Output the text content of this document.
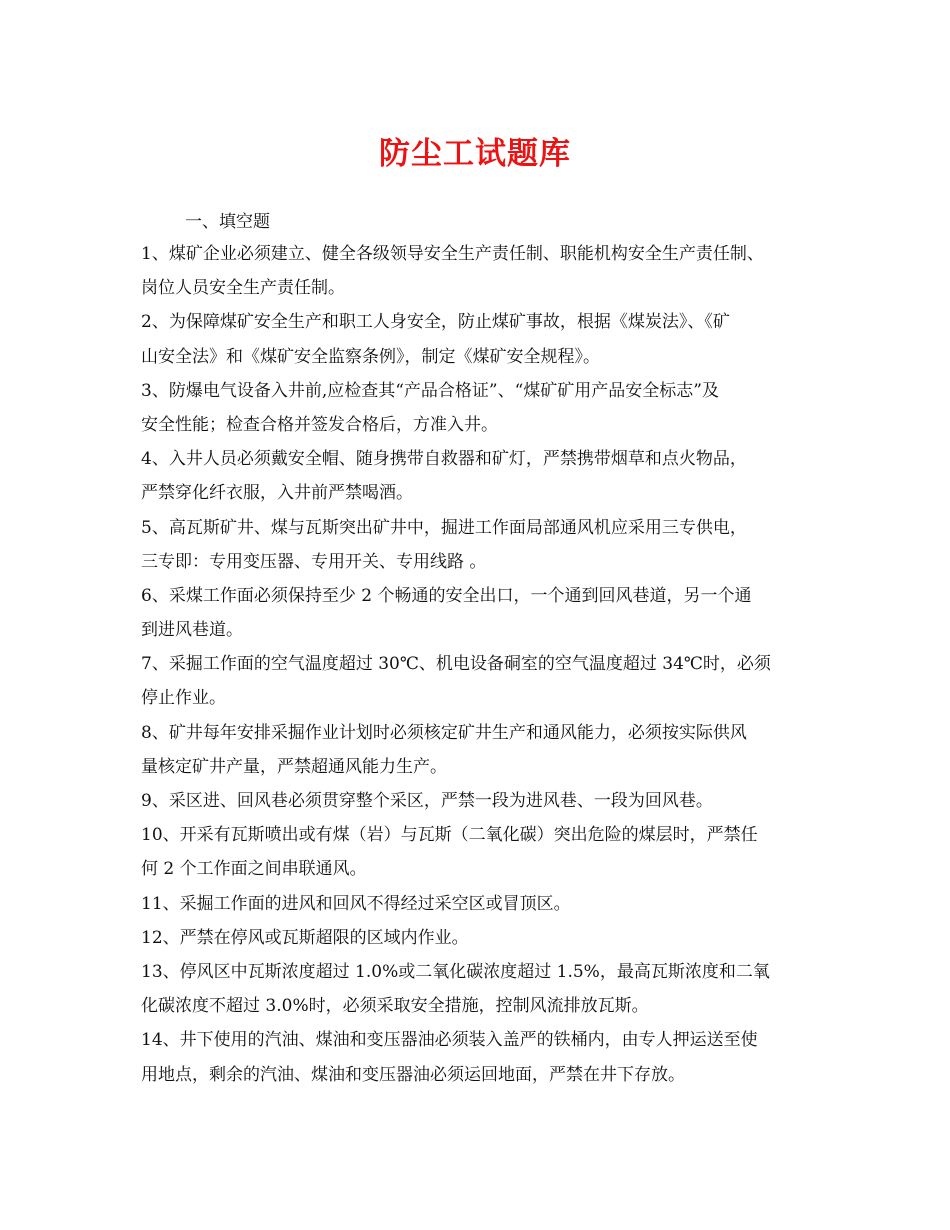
防尘工试题库
一、填空题
1、煤矿企业必须建立、健全各级领导安全生产责任制、职能机构安全生产责任制、
岗位人员安全生产责任制。
2、为保障煤矿安全生产和职工人身安全，防止煤矿事故，根据《煤炭法》、《矿
山安全法》和《煤矿安全监察条例》，制定《煤矿安全规程》。
3、防爆电气设备入井前,应检查其“产品合格证”、“煤矿矿用产品安全标志”及
安全性能；检查合格并签发合格后，方准入井。
4、入井人员必须戴安全帽、随身携带自救器和矿灯，严禁携带烟草和点火物品，
严禁穿化纤衣服，入井前严禁喝酒。
5、高瓦斯矿井、煤与瓦斯突出矿井中，掘进工作面局部通风机应采用三专供电，
三专即：专用变压器、专用开关、专用线路 。
6、采煤工作面必须保持至少 2 个畅通的安全出口，一个通到回风巷道，另一个通
到进风巷道。
7、采掘工作面的空气温度超过 30℃、机电设备硐室的空气温度超过 34℃时，必须
停止作业。
8、矿井每年安排采掘作业计划时必须核定矿井生产和通风能力，必须按实际供风
量核定矿井产量，严禁超通风能力生产。
9、采区进、回风巷必须贯穿整个采区，严禁一段为进风巷、一段为回风巷。
10、开采有瓦斯喷出或有煤（岩）与瓦斯（二氧化碳）突出危险的煤层时，严禁任
何 2 个工作面之间串联通风。
11、采掘工作面的进风和回风不得经过采空区或冒顶区。
12、严禁在停风或瓦斯超限的区域内作业。
13、停风区中瓦斯浓度超过 1.0%或二氧化碳浓度超过 1.5%，最高瓦斯浓度和二氧
化碳浓度不超过 3.0%时，必须采取安全措施，控制风流排放瓦斯。
14、井下使用的汽油、煤油和变压器油必须装入盖严的铁桶内，由专人押运送至使
用地点，剩余的汽油、煤油和变压器油必须运回地面，严禁在井下存放。
